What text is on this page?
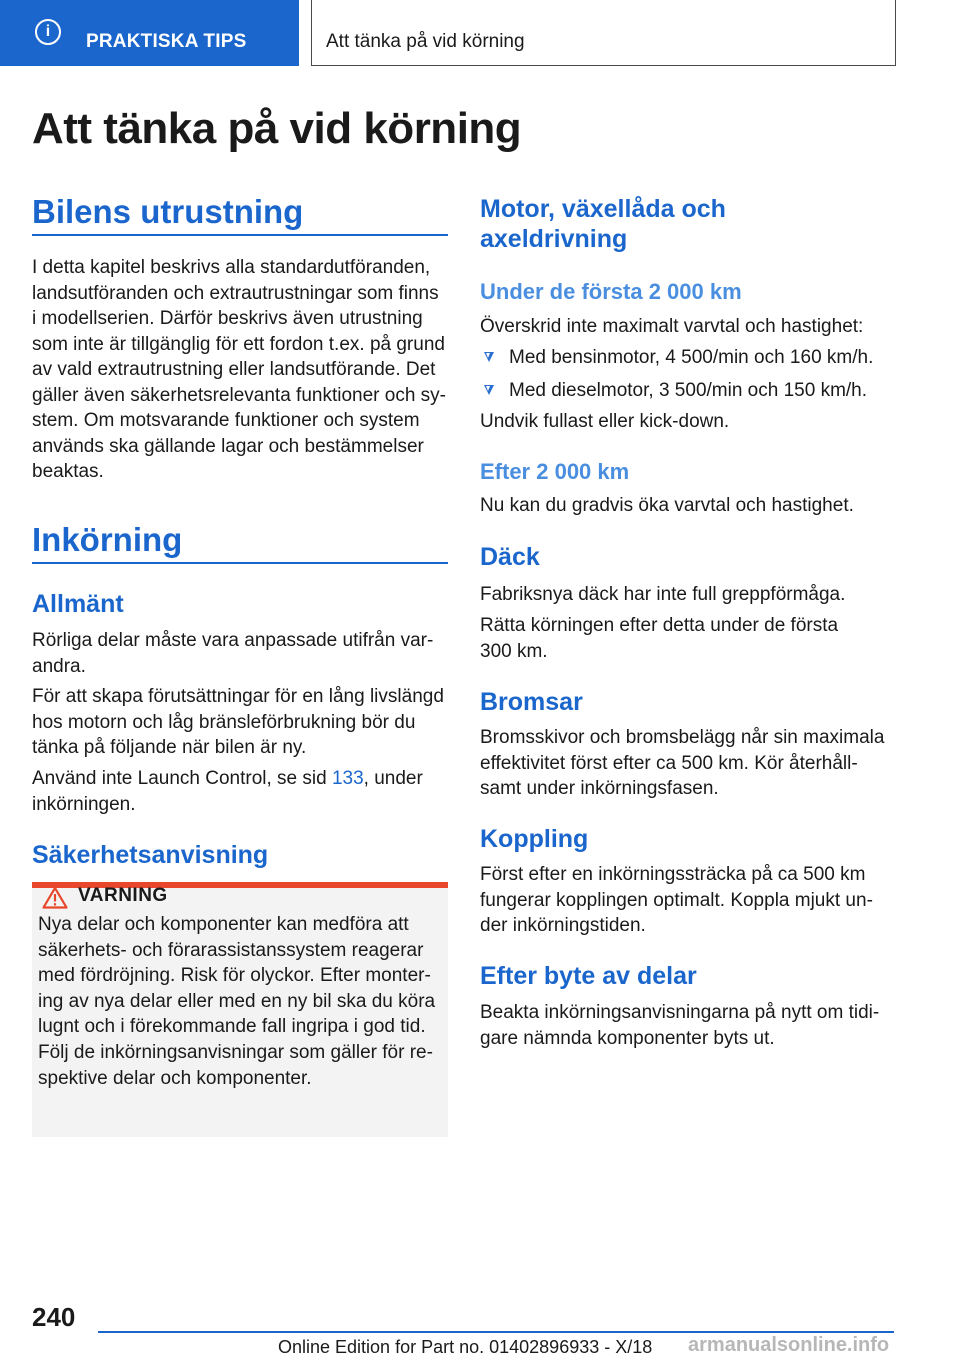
i	PRAKTISKA TIPS	Att tänka på vid körning
Att tänka på vid körning
Bilens utrustning
I detta kapitel beskrivs alla standardutföranden,
landsutföranden och extrautrustningar som finns
i modellserien. Därför beskrivs även utrustning
som inte är tillgänglig för ett fordon t.ex. på grund
av vald extrautrustning eller landsutförande. Det
gäller även säkerhetsrelevanta funktioner och sy-
stem. Om motsvarande funktioner och system
används ska gällande lagar och bestämmelser
beaktas.
Inkörning
Allmänt
Rörliga delar måste vara anpassade utifrån var-
andra.
För att skapa förutsättningar för en lång livslängd
hos motorn och låg bränsleförbrukning bör du
tänka på följande när bilen är ny.
Använd inte Launch Control, se sid 133, under
inkörningen.
Säkerhetsanvisning
VARNING
Nya delar och komponenter kan medföra att
säkerhets- och förarassistanssystem reagerar
med fördröjning. Risk för olyckor. Efter monter-
ing av nya delar eller med en ny bil ska du köra
lugnt och i förekommande fall ingripa i god tid.
Följ de inkörningsanvisningar som gäller för re-
spektive delar och komponenter.
Motor, växellåda och
axeldrivning
Under de första 2 000 km
Överskrid inte maximalt varvtal och hastighet:
Med bensinmotor, 4 500/min och 160 km/h.
Med dieselmotor, 3 500/min och 150 km/h.
Undvik fullast eller kick-down.
Efter 2 000 km
Nu kan du gradvis öka varvtal och hastighet.
Däck
Fabriksnya däck har inte full greppförmåga.
Rätta körningen efter detta under de första
300 km.
Bromsar
Bromsskivor och bromsbelägg når sin maximala
effektivitet först efter ca 500 km. Kör återhåll-
samt under inkörningsfasen.
Koppling
Först efter en inkörningssträcka på ca 500 km
fungerar kopplingen optimalt. Koppla mjukt un-
der inkörningstiden.
Efter byte av delar
Beakta inkörningsanvisningarna på nytt om tidi-
gare nämnda komponenter byts ut.
240
Online Edition for Part no. 01402896933 - X/18 armanualsonline.info
